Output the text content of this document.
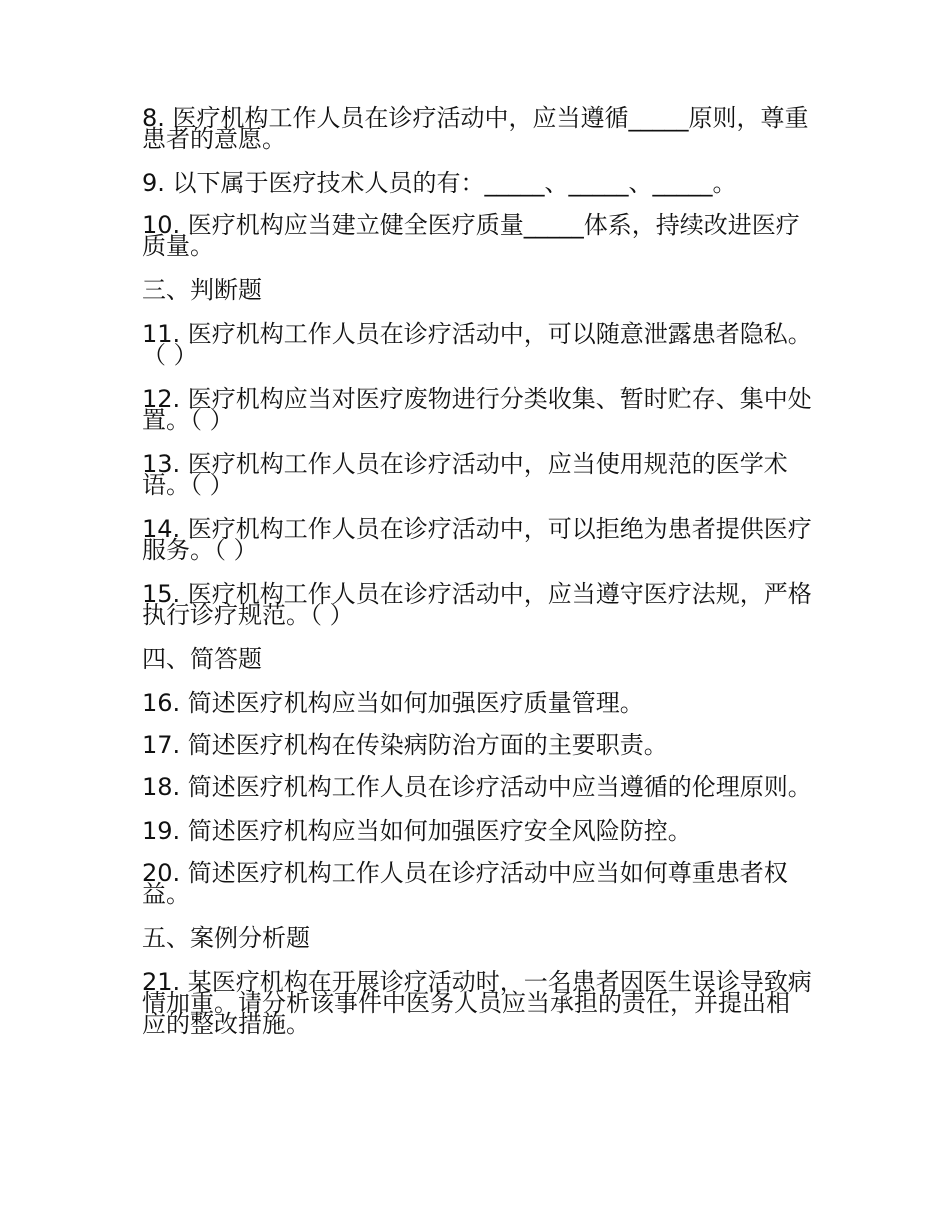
8. 医疗机构工作人员在诊疗活动中，应当遵循_____原则，尊重患者的意愿。
9. 以下属于医疗技术人员的有：_____、_____、_____。
10. 医疗机构应当建立健全医疗质量_____体系，持续改进医疗质量。
三、判断题
11. 医疗机构工作人员在诊疗活动中，可以随意泄露患者隐私。（ ）
12. 医疗机构应当对医疗废物进行分类收集、暂时贮存、集中处置。（ ）
13. 医疗机构工作人员在诊疗活动中，应当使用规范的医学术语。（ ）
14. 医疗机构工作人员在诊疗活动中，可以拒绝为患者提供医疗服务。（ ）
15. 医疗机构工作人员在诊疗活动中，应当遵守医疗法规，严格执行诊疗规范。（ ）
四、简答题
16. 简述医疗机构应当如何加强医疗质量管理。
17. 简述医疗机构在传染病防治方面的主要职责。
18. 简述医疗机构工作人员在诊疗活动中应当遵循的伦理原则。
19. 简述医疗机构应当如何加强医疗安全风险防控。
20. 简述医疗机构工作人员在诊疗活动中应当如何尊重患者权益。
五、案例分析题
21. 某医疗机构在开展诊疗活动时，一名患者因医生误诊导致病情加重。请分析该事件中医务人员应当承担的责任，并提出相应的整改措施。
